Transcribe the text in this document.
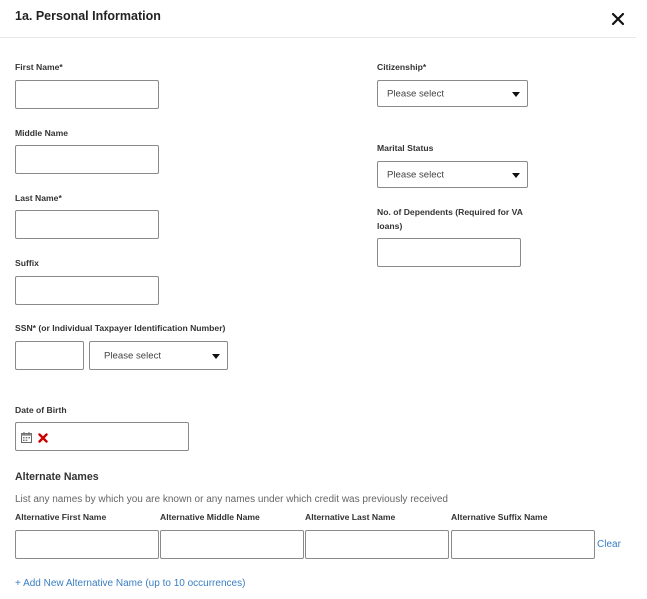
1a. Personal Information
First Name*
Middle Name
Last Name*
Suffix
SSN* (or Individual Taxpayer Identification Number)
Please select
Date of Birth
Citizenship*
Please select
Marital Status
Please select
No. of Dependents (Required for VA
loans)
Alternate Names
List any names by which you are known or any names under which credit was previously received
Alternative First Name	Alternative Middle Name	Alternative Last Name	Alternative Suffix Name
Clear
+ Add New Alternative Name (up to 10 occurrences)
